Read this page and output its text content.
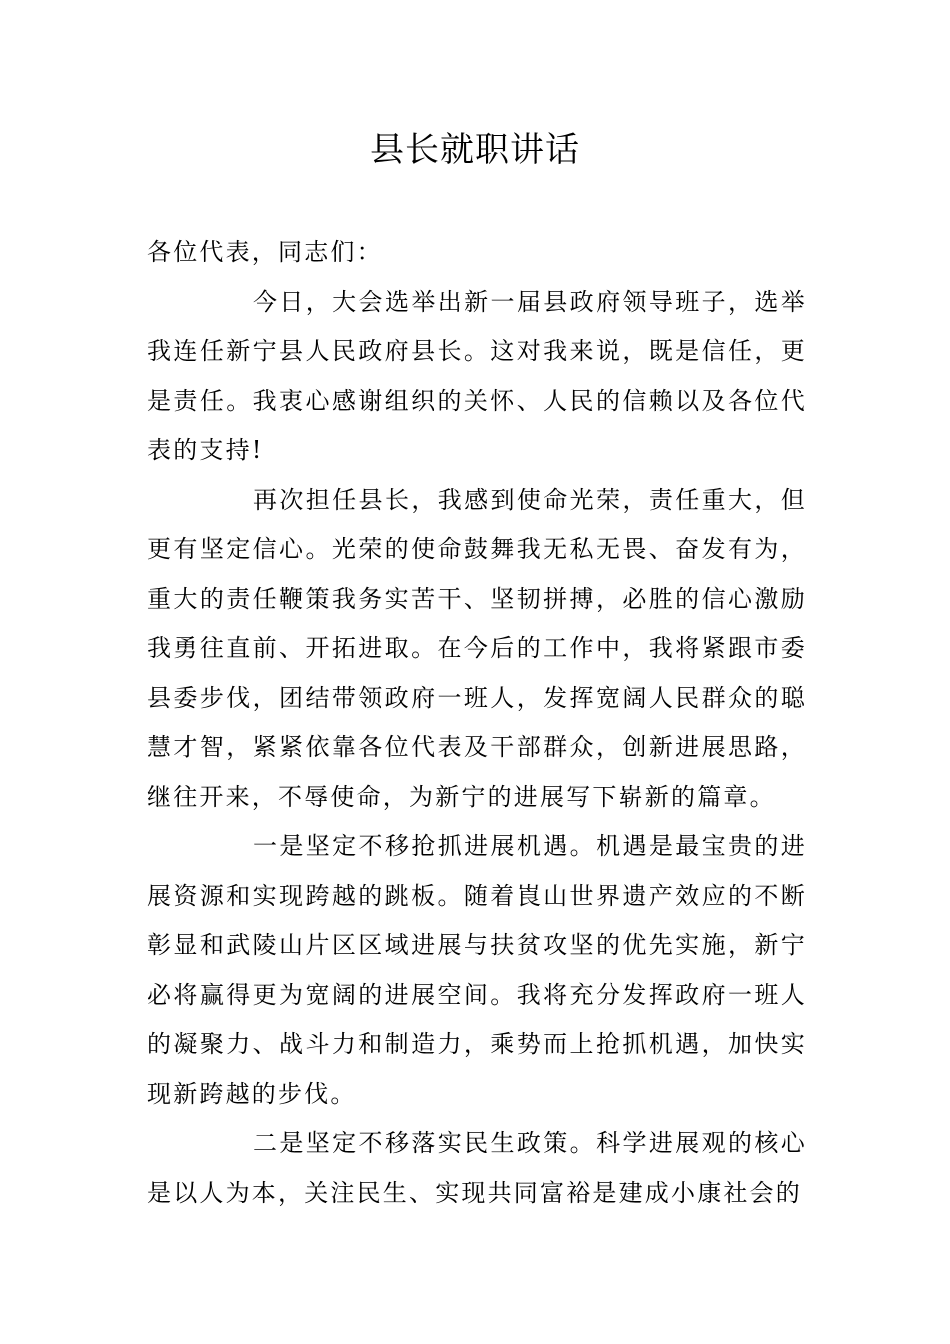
县长就职讲话

各位代表，同志们：

今日，大会选举出新一届县政府领导班子，选举我连任新宁县人民政府县长。这对我来说，既是信任，更是责任。我衷心感谢组织的关怀、人民的信赖以及各位代表的支持!

再次担任县长，我感到使命光荣，责任重大，但更有坚定信心。光荣的使命鼓舞我无私无畏、奋发有为，重大的责任鞭策我务实苦干、坚韧拼搏，必胜的信心激励我勇往直前、开拓进取。在今后的工作中，我将紧跟市委县委步伐，团结带领政府一班人，发挥宽阔人民群众的聪慧才智，紧紧依靠各位代表及干部群众，创新进展思路，继往开来，不辱使命，为新宁的进展写下崭新的篇章。

一是坚定不移抢抓进展机遇。机遇是最宝贵的进展资源和实现跨越的跳板。随着崀山世界遗产效应的不断彰显和武陵山片区区域进展与扶贫攻坚的优先实施，新宁必将赢得更为宽阔的进展空间。我将充分发挥政府一班人的凝聚力、战斗力和制造力，乘势而上抢抓机遇，加快实现新跨越的步伐。

二是坚定不移落实民生政策。科学进展观的核心是以人为本，关注民生、实现共同富裕是建成小康社会的
